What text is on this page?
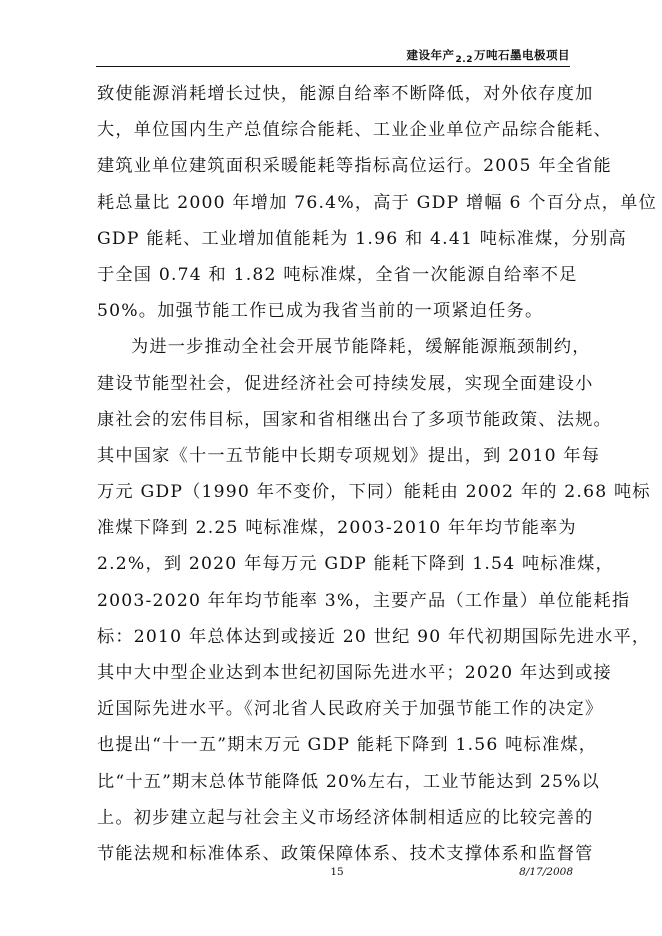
建设年产$_{2.2}$万吨石墨电极项目
致使能源消耗增长过快，能源自给率不断降低，对外依存度加
大，单位国内生产总值综合能耗、工业企业单位产品综合能耗、
建筑业单位建筑面积采暖能耗等指标高位运行。2005 年全省能
耗总量比 2000 年增加 76.4%，高于 GDP 增幅 6 个百分点，单位
GDP 能耗、工业增加值能耗为 1.96 和 4.41 吨标准煤，分别高
于全国 0.74 和 1.82 吨标准煤，全省一次能源自给率不足
50%。加强节能工作已成为我省当前的一项紧迫任务。
为进一步推动全社会开展节能降耗，缓解能源瓶颈制约，
建设节能型社会，促进经济社会可持续发展，实现全面建设小
康社会的宏伟目标，国家和省相继出台了多项节能政策、法规。
其中国家《十一五节能中长期专项规划》提出，到 2010 年每
万元 GDP（1990 年不变价，下同）能耗由 2002 年的 2.68 吨标
准煤下降到 2.25 吨标准煤，2003-2010 年年均节能率为
2.2%，到 2020 年每万元 GDP 能耗下降到 1.54 吨标准煤，
2003-2020 年年均节能率 3%，主要产品（工作量）单位能耗指
标：2010 年总体达到或接近 20 世纪 90 年代初期国际先进水平，
其中大中型企业达到本世纪初国际先进水平；2020 年达到或接
近国际先进水平。《河北省人民政府关于加强节能工作的决定》
也提出“十一五”期末万元 GDP 能耗下降到 1.56 吨标准煤，
比“十五”期末总体节能降低 20%左右，工业节能达到 25%以
上。初步建立起与社会主义市场经济体制相适应的比较完善的
节能法规和标准体系、政策保障体系、技术支撑体系和监督管
15	8/17/2008
